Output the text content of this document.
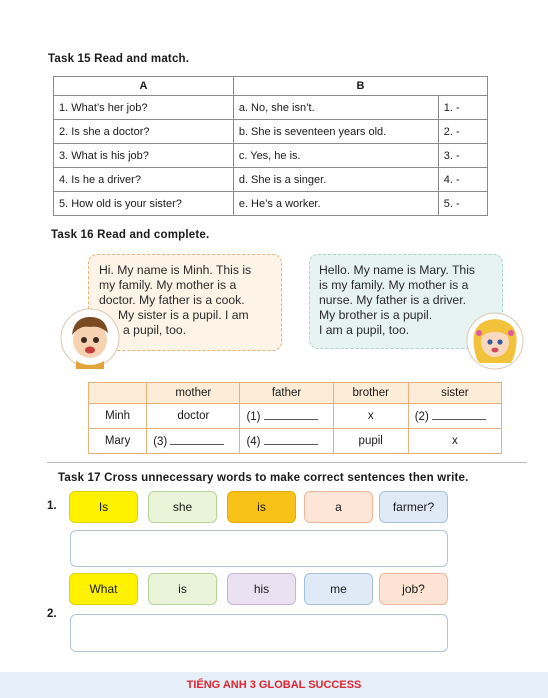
Task 15 Read and match.
A	B	
1. What’s her job?	a. No, she isn’t.	1. -
2. Is she a doctor?	b. She is seventeen years old.	2. -
3. What is his job?	c. Yes, he is.	3. -
4. Is he a driver?	d. She is a singer.	4. -
5. How old is your sister?	e. He’s a worker.	5. -
Task 16 Read and complete.
Hi. My name is Minh. This is
my family. My mother is a
doctor. My father is a cook.
My sister is a pupil. I am
a pupil, too.
Hello. My name is Mary. This
is my family. My mother is a
nurse. My father is a driver.
My brother is a pupil.
I am a pupil, too.
	mother	father	brother	sister
Minh	doctor	(1)	x	(2)
Mary	(3)	(4)	pupil	x
Task 17 Cross unnecessary words to make correct sentences then write.
1.	Is	she	is	a	farmer?
What	is	his	me	job?
2.
TIẾNG ANH 3 GLOBAL SUCCESS
